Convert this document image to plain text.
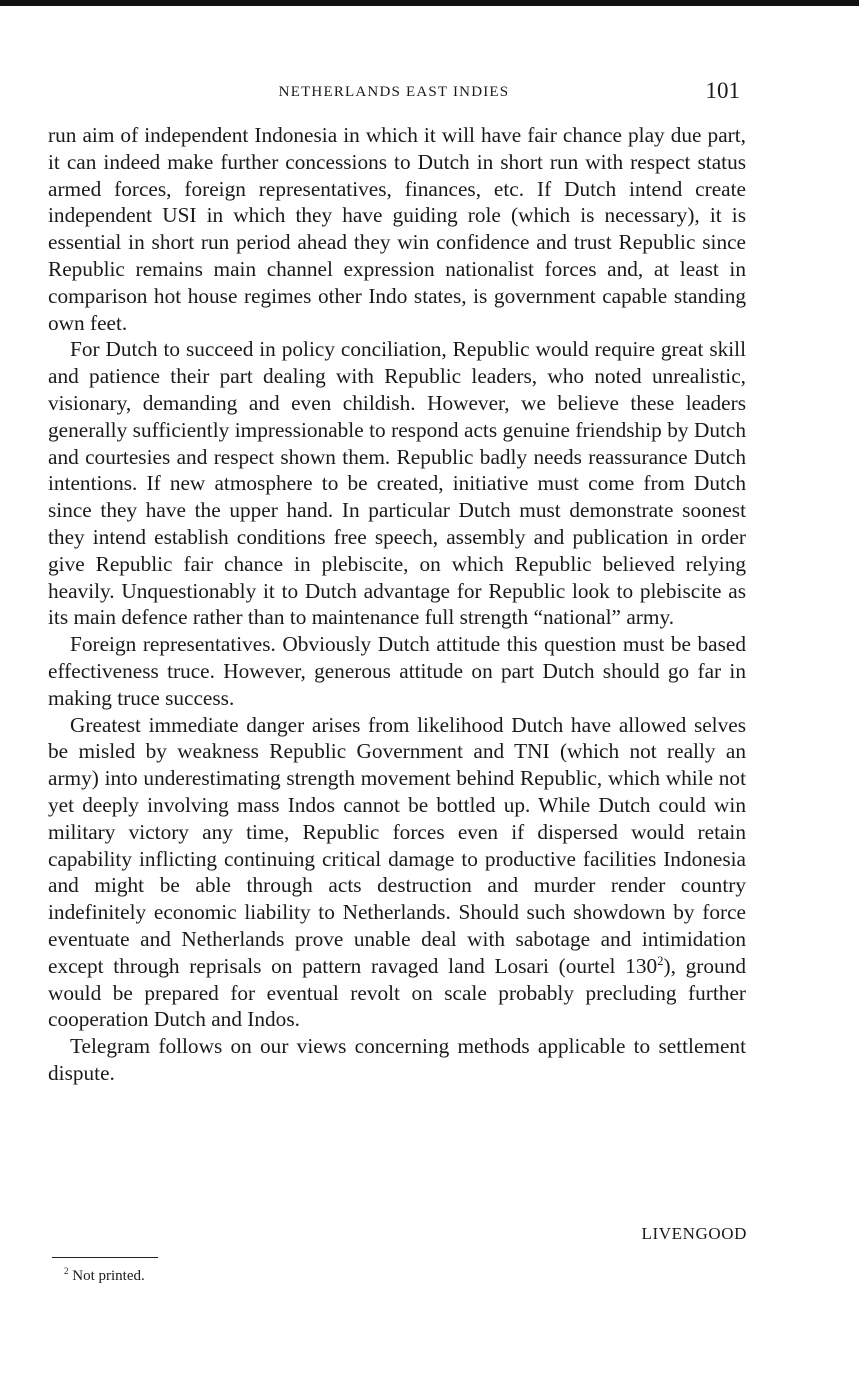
NETHERLANDS EAST INDIES	101

run aim of independent Indonesia in which it will have fair chance play due part, it can indeed make further concessions to Dutch in short run with respect status armed forces, foreign representatives, finances, etc. If Dutch intend create independent USI in which they have guiding role (which is necessary), it is essential in short run period ahead they win confidence and trust Republic since Republic remains main channel expression nationalist forces and, at least in comparison hot house regimes other Indo states, is government capable standing own feet.

For Dutch to succeed in policy conciliation, Republic would require great skill and patience their part dealing with Republic leaders, who noted unrealistic, visionary, demanding and even childish. However, we believe these leaders generally sufficiently impressionable to respond acts genuine friendship by Dutch and courtesies and respect shown them. Republic badly needs reassurance Dutch intentions. If new atmosphere to be created, initiative must come from Dutch since they have the upper hand. In particular Dutch must demonstrate soonest they intend establish conditions free speech, assembly and publication in order give Republic fair chance in plebiscite, on which Republic believed relying heavily. Unquestionably it to Dutch advantage for Republic look to plebiscite as its main defence rather than to maintenance full strength “national” army.

Foreign representatives. Obviously Dutch attitude this question must be based effectiveness truce. However, generous attitude on part Dutch should go far in making truce success.

Greatest immediate danger arises from likelihood Dutch have allowed selves be misled by weakness Republic Government and TNI (which not really an army) into underestimating strength movement behind Republic, which while not yet deeply involving mass Indos cannot be bottled up. While Dutch could win military victory any time, Republic forces even if dispersed would retain capability inflicting continuing critical damage to productive facilities Indonesia and might be able through acts destruction and murder render country indefinitely economic liability to Netherlands. Should such showdown by force eventuate and Netherlands prove unable deal with sabotage and intimidation except through reprisals on pattern ravaged land Losari (ourtel $130^2$), ground would be prepared for eventual revolt on scale probably precluding further cooperation Dutch and Indos.

Telegram follows on our views concerning methods applicable to settlement dispute.

LIVENGOOD
$^2$ Not printed.
